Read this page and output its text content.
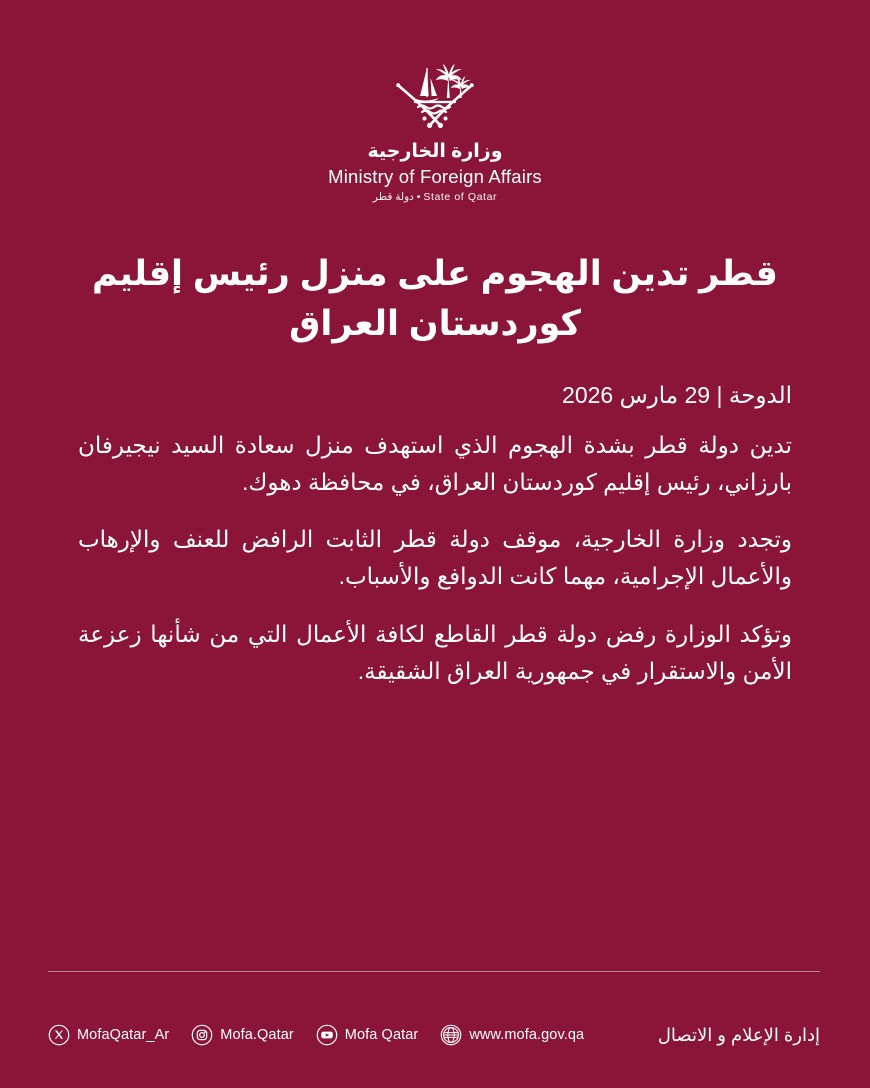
وزارة الخارجية
Ministry of Foreign Affairs
دولة قطر • State of Qatar
قطر تدين الهجوم على منزل رئيس إقليم كوردستان العراق
الدوحة | 29 مارس 2026

تدين دولة قطر بشدة الهجوم الذي استهدف منزل سعادة السيد نيجيرفان بارزاني، رئيس إقليم كوردستان العراق، في محافظة دهوك.

وتجدد وزارة الخارجية، موقف دولة قطر الثابت الرافض للعنف والإرهاب والأعمال الإجرامية، مهما كانت الدوافع والأسباب.

وتؤكد الوزارة رفض دولة قطر القاطع لكافة الأعمال التي من شأنها زعزعة الأمن والاستقرار في جمهورية العراق الشقيقة.

MofaQatar_Ar	Mofa.Qatar	Mofa Qatar	www.mofa.gov.qa	إدارة الإعلام و الاتصال
